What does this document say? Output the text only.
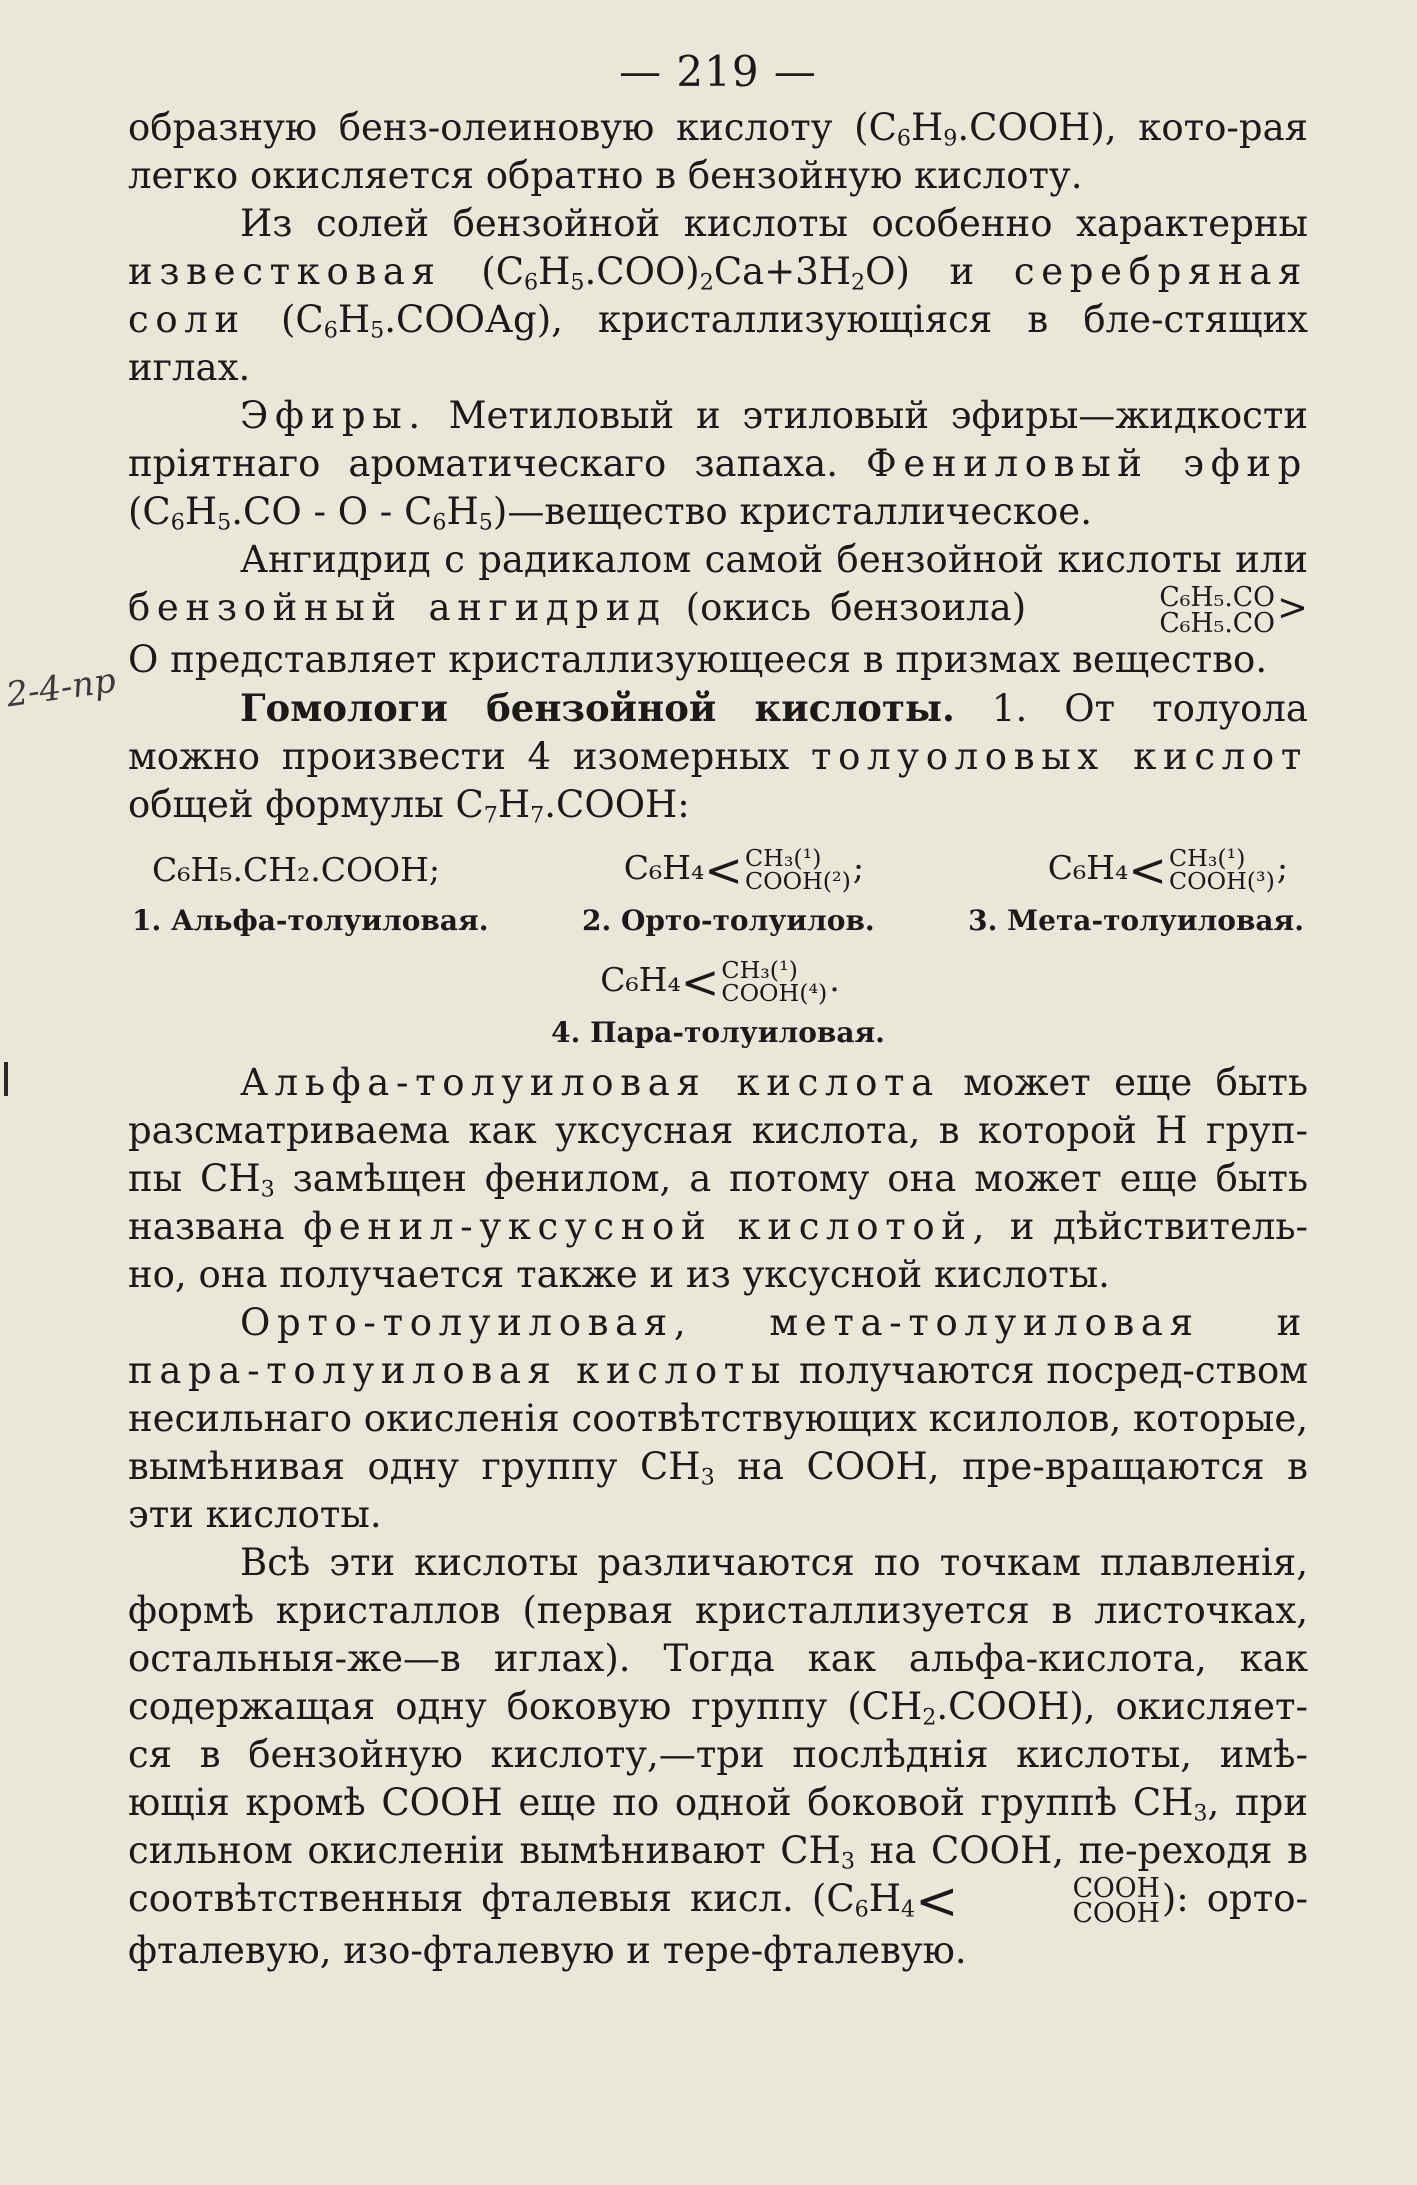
2-4-пр
— 219 —

образную бенз-олеиновую кислоту $(С_6Н_9.СООН)$, кото-рая легко окисляется обратно в бензойную кислоту.

Из солей бензойной кислоты особенно характерны известковая $(С_6Н_5.СОО)_2Са+3Н_2О$) и серебряная соли $(С_6Н_5.СООАg)$, кристаллизующіяся в бле-стящих иглах.

Эфиры. Метиловый и этиловый эфиры—жидкости пріятнаго ароматическаго запаха. Фениловый эфир ($С_6Н_5.СО$ - О - $С_6Н_5)—вещество$ кристаллическое.

Ангидрид с радикалом самой бензойной кислоты или бензойный ангидрид (окись бензоила)	С₆Н₅.СО
С₆Н₅.СО > О представляет кристаллизующееся в призмах вещество.

Гомологи бензойной кислоты. 1. От толуола можно произвести 4 изомерных толуоловых кислот общей формулы $С_7Н_7.СООН$:

С₆Н₅.СН₂.СООН;	С₆Н₄< СН₃(¹)
СООН(²) ;	С₆Н₄< СН₃(¹)
СООН(³) ;
1. Альфа-толуиловая.	2. Орто-толуилов.	3. Мета-толуиловая.
С₆Н₄< СН₃(¹)
СООН(⁴) .
4. Пара-толуиловая.

Альфа-толуиловая кислота может еще быть разсматриваема как уксусная кислота, в которой Н груп-пы $СН_3$ замѣщен фенилом, а потому она может еще быть названа фенил-уксусной кислотой, и дѣйствитель-но, она получается также и из уксусной кислоты.

Орто-толуиловая, мета-толуиловая и пара-толуиловая кислоты получаются посред-ством несильнаго окисленія соотвѣтствующих ксилолов, которые, вымѣнивая одну группу $СН_3$ на СООН, пре-вращаются в эти кислоты.

Всѣ эти кислоты различаются по точкам плавленія, формѣ кристаллов (первая кристаллизуется в листочках, остальныя-же—в иглах). Тогда как альфа-кислота, как содержащая одну боковую группу $(СН_2.СООН)$, окисляет-ся в бензойную кислоту,—три послѣднія кислоты, имѣ-ющія кромѣ СООН еще по одной боковой группѣ $СН_3$, при сильном окисленіи вымѣнивают $СН_3$ на СООН, пе-реходя в соотвѣтственныя фталевыя кисл. ($С_6Н_4<$	СООН
СООН ): орто-фталевую, изо-фталевую и тере-фталевую.
